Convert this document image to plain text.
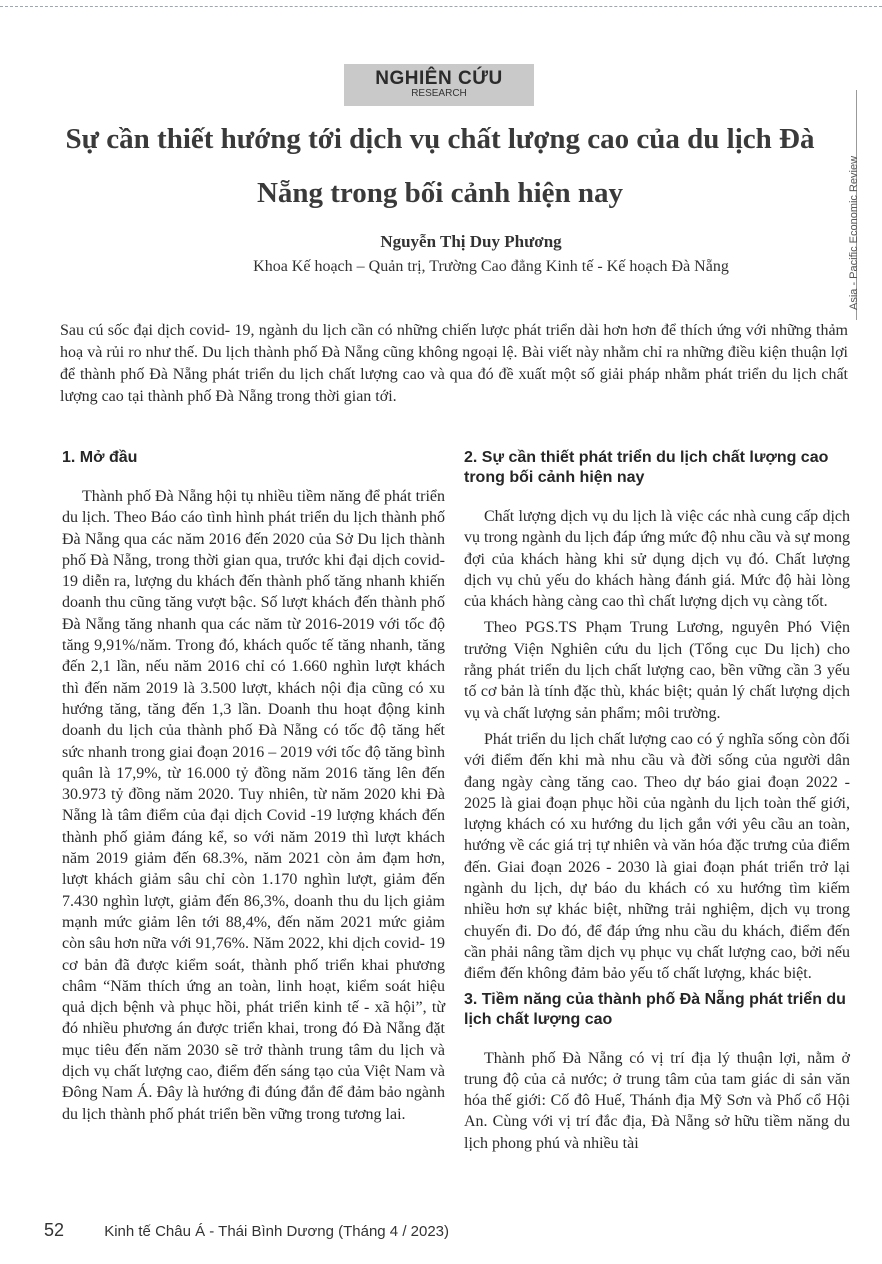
Asia - Pacific Economic Review
NGHIÊN CỨU
RESEARCH
Sự cần thiết hướng tới dịch vụ chất lượng cao của du lịch Đà Nẵng trong bối cảnh hiện nay
Nguyễn Thị Duy Phương
Khoa Kế hoạch – Quản trị, Trường Cao đẳng Kinh tế - Kế hoạch Đà Nẵng

Sau cú sốc đại dịch covid- 19, ngành du lịch cần có những chiến lược phát triển dài hơn hơn để thích ứng với những thảm hoạ và rủi ro như thế. Du lịch thành phố Đà Nẵng cũng không ngoại lệ. Bài viết này nhằm chỉ ra những điều kiện thuận lợi để thành phố Đà Nẵng phát triển du lịch chất lượng cao và qua đó đề xuất một số giải pháp nhằm phát triển du lịch chất lượng cao tại thành phố Đà Nẵng trong thời gian tới.

1. Mở đầu

Thành phố Đà Nẵng hội tụ nhiều tiềm năng để phát triển du lịch. Theo Báo cáo tình hình phát triển du lịch thành phố Đà Nẵng qua các năm 2016 đến 2020 của Sở Du lịch thành phố Đà Nẵng, trong thời gian qua, trước khi đại dịch covid- 19 diễn ra, lượng du khách đến thành phố tăng nhanh khiến doanh thu cũng tăng vượt bậc. Số lượt khách đến thành phố Đà Nẵng tăng nhanh qua các năm từ 2016-2019 với tốc độ tăng 9,91%/năm. Trong đó, khách quốc tế tăng nhanh, tăng đến 2,1 lần, nếu năm 2016 chỉ có 1.660 nghìn lượt khách thì đến năm 2019 là 3.500 lượt, khách nội địa cũng có xu hướng tăng, tăng đến 1,3 lần. Doanh thu hoạt động kinh doanh du lịch của thành phố Đà Nẵng có tốc độ tăng hết sức nhanh trong giai đoạn 2016 – 2019 với tốc độ tăng bình quân là 17,9%, từ 16.000 tỷ đồng năm 2016 tăng lên đến 30.973 tỷ đồng năm 2020. Tuy nhiên, từ năm 2020 khi Đà Nẵng là tâm điểm của đại dịch Covid -19 lượng khách đến thành phố giảm đáng kể, so với năm 2019 thì lượt khách năm 2019 giảm đến 68.3%, năm 2021 còn ảm đạm hơn, lượt khách giảm sâu chỉ còn 1.170 nghìn lượt, giảm đến 7.430 nghìn lượt, giảm đến 86,3%, doanh thu du lịch giảm mạnh mức giảm lên tới 88,4%, đến năm 2021 mức giảm còn sâu hơn nữa với 91,76%. Năm 2022, khi dịch covid- 19 cơ bản đã được kiểm soát, thành phố triển khai phương châm “Năm thích ứng an toàn, linh hoạt, kiểm soát hiệu quả dịch bệnh và phục hồi, phát triển kinh tế - xã hội”, từ đó nhiều phương án được triển khai, trong đó Đà Nẵng đặt mục tiêu đến năm 2030 sẽ trở thành trung tâm du lịch và dịch vụ chất lượng cao, điểm đến sáng tạo của Việt Nam và Đông Nam Á. Đây là hướng đi đúng đắn để đảm bảo ngành du lịch thành phố phát triển bền vững trong tương lai.

2. Sự cần thiết phát triển du lịch chất lượng cao trong bối cảnh hiện nay

Chất lượng dịch vụ du lịch là việc các nhà cung cấp dịch vụ trong ngành du lịch đáp ứng mức độ nhu cầu và sự mong đợi của khách hàng khi sử dụng dịch vụ đó. Chất lượng dịch vụ chủ yếu do khách hàng đánh giá. Mức độ hài lòng của khách hàng càng cao thì chất lượng dịch vụ càng tốt.

Theo PGS.TS Phạm Trung Lương, nguyên Phó Viện trưởng Viện Nghiên cứu du lịch (Tổng cục Du lịch) cho rằng phát triển du lịch chất lượng cao, bền vững cần 3 yếu tố cơ bản là tính đặc thù, khác biệt; quản lý chất lượng dịch vụ và chất lượng sản phẩm; môi trường.

Phát triển du lịch chất lượng cao có ý nghĩa sống còn đối với điểm đến khi mà nhu cầu và đời sống của người dân đang ngày càng tăng cao. Theo dự báo giai đoạn 2022 - 2025 là giai đoạn phục hồi của ngành du lịch toàn thế giới, lượng khách có xu hướng du lịch gắn với yêu cầu an toàn, hướng về các giá trị tự nhiên và văn hóa đặc trưng của điểm đến. Giai đoạn 2026 - 2030 là giai đoạn phát triển trở lại ngành du lịch, dự báo du khách có xu hướng tìm kiếm nhiều hơn sự khác biệt, những trải nghiệm, dịch vụ trong chuyến đi. Do đó, để đáp ứng nhu cầu du khách, điểm đến cần phải nâng tầm dịch vụ phục vụ chất lượng cao, bởi nếu điểm đến không đảm bảo yếu tố chất lượng, khác biệt.

3. Tiềm năng của thành phố Đà Nẵng phát triển du lịch chất lượng cao

Thành phố Đà Nẵng có vị trí địa lý thuận lợi, nằm ở trung độ của cả nước; ở trung tâm của tam giác di sản văn hóa thế giới: Cố đô Huế, Thánh địa Mỹ Sơn và Phố cổ Hội An. Cùng với vị trí đắc địa, Đà Nẵng sở hữu tiềm năng du lịch phong phú và nhiều tài

52	Kinh tế Châu Á - Thái Bình Dương (Tháng 4 / 2023)
